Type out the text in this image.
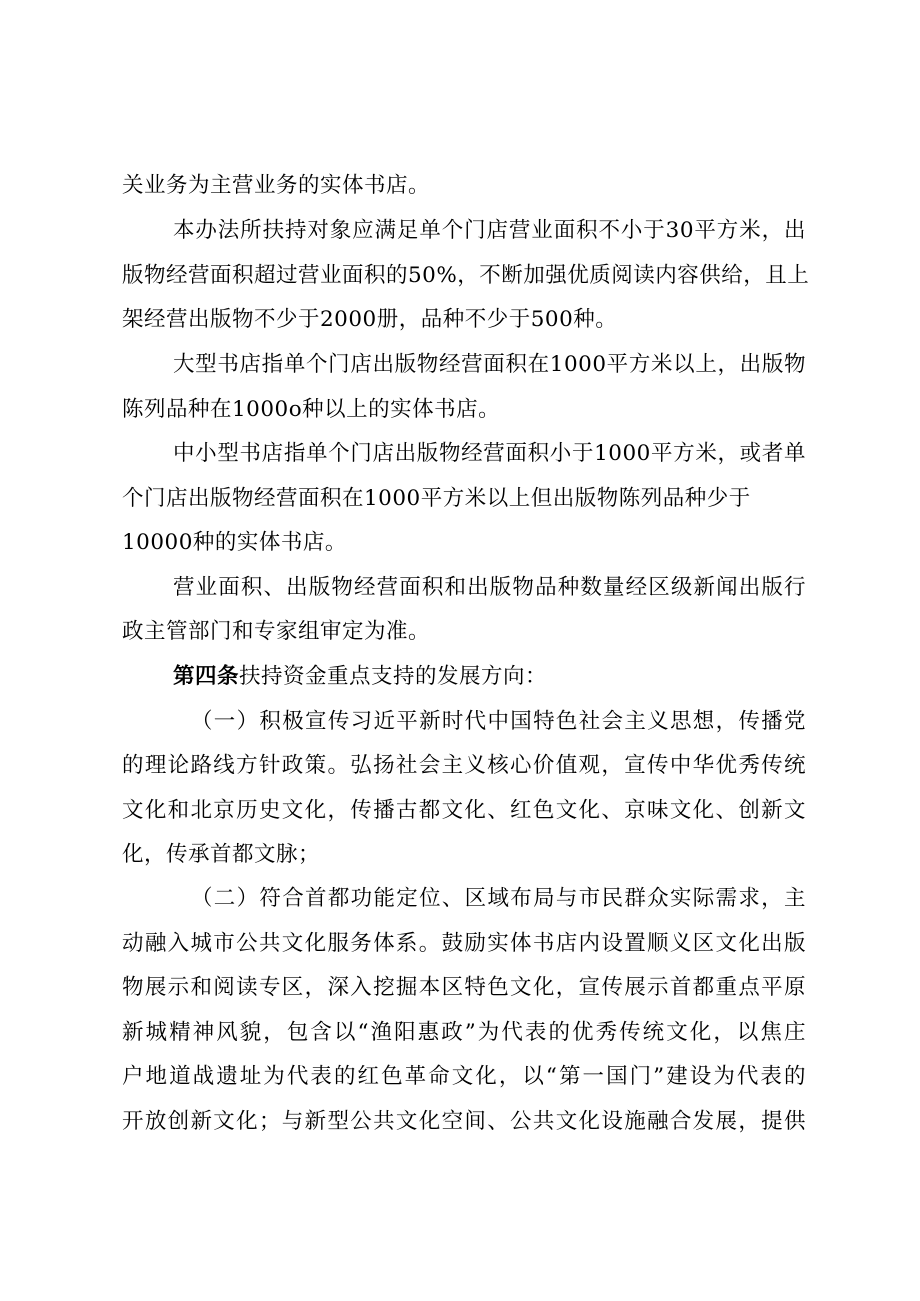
关业务为主营业务的实体书店。
本办法所扶持对象应满足单个门店营业面积不小于30平方米，出
版物经营面积超过营业面积的50%，不断加强优质阅读内容供给，且上
架经营出版物不少于2000册，品种不少于500种。
大型书店指单个门店出版物经营面积在1000平方米以上，出版物
陈列品种在1000o种以上的实体书店。
中小型书店指单个门店出版物经营面积小于1000平方米，或者单
个门店出版物经营面积在1000平方米以上但出版物陈列品种少于
10000种的实体书店。
营业面积、出版物经营面积和出版物品种数量经区级新闻出版行
政主管部门和专家组审定为准。
第四条扶持资金重点支持的发展方向：
（一）积极宣传习近平新时代中国特色社会主义思想，传播党
的理论路线方针政策。弘扬社会主义核心价值观，宣传中华优秀传统
文化和北京历史文化，传播古都文化、红色文化、京味文化、创新文
化，传承首都文脉；
（二）符合首都功能定位、区域布局与市民群众实际需求，主
动融入城市公共文化服务体系。鼓励实体书店内设置顺义区文化出版
物展示和阅读专区，深入挖掘本区特色文化，宣传展示首都重点平原
新城精神风貌，包含以“渔阳惠政”为代表的优秀传统文化，以焦庄
户地道战遗址为代表的红色革命文化，以“第一国门”建设为代表的
开放创新文化；与新型公共文化空间、公共文化设施融合发展，提供
